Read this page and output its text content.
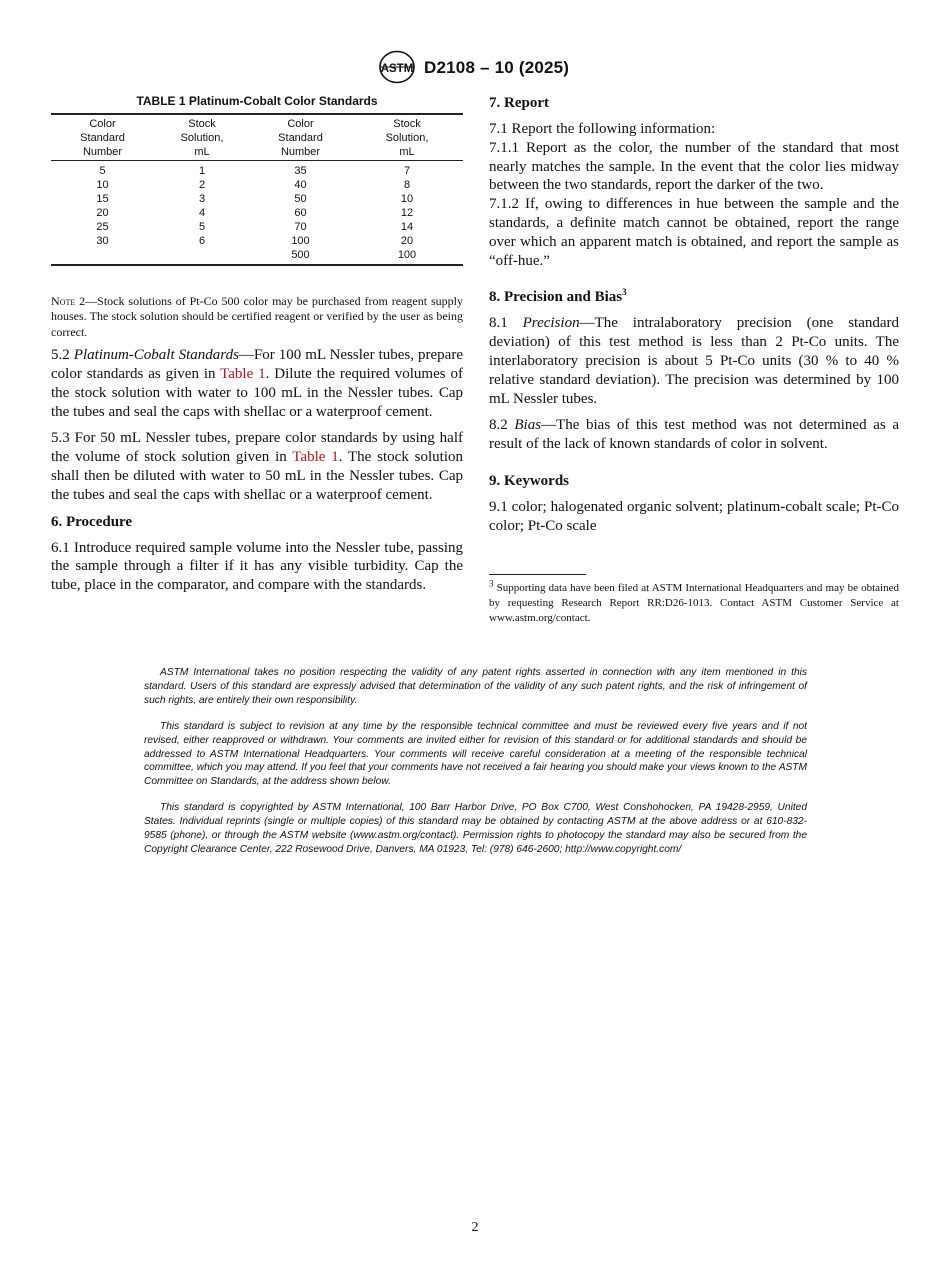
ASTM D2108 – 10 (2025)
TABLE 1 Platinum-Cobalt Color Standards
Color
Standard
Number	Stock
Solution,
mL	Color
Standard
Number	Stock
Solution,
mL
5	1	35	7
10	2	40	8
15	3	50	10
20	4	60	12
25	5	70	14
30	6	100	20
		500	100
Note 2—Stock solutions of Pt-Co 500 color may be purchased from reagent supply houses. The stock solution should be certified reagent or verified by the user as being correct.

5.2 Platinum-Cobalt Standards—For 100 mL Nessler tubes, prepare color standards as given in Table 1. Dilute the required volumes of the stock solution with water to 100 mL in the Nessler tubes. Cap the tubes and seal the caps with shellac or a waterproof cement.

5.3 For 50 mL Nessler tubes, prepare color standards by using half the volume of stock solution given in Table 1. The stock solution shall then be diluted with water to 50 mL in the Nessler tubes. Cap the tubes and seal the caps with shellac or a waterproof cement.

6. Procedure

6.1 Introduce required sample volume into the Nessler tube, passing the sample through a filter if it has any visible turbidity. Cap the tube, place in the comparator, and compare with the standards.

7. Report

7.1 Report the following information:

7.1.1 Report as the color, the number of the standard that most nearly matches the sample. In the event that the color lies midway between the two standards, report the darker of the two.

7.1.2 If, owing to differences in hue between the sample and the standards, a definite match cannot be obtained, report the range over which an apparent match is obtained, and report the sample as “off-hue.”

8. Precision and Bias$^3$

8.1 Precision—The intralaboratory precision (one standard deviation) of this test method is less than 2 Pt-Co units. The interlaboratory precision is about 5 Pt-Co units (30 % to 40 % relative standard deviation). The precision was determined by 100 mL Nessler tubes.

8.2 Bias—The bias of this test method was not determined as a result of the lack of known standards of color in solvent.

9. Keywords

9.1 color; halogenated organic solvent; platinum-cobalt scale; Pt-Co color; Pt-Co scale

$^3$ Supporting data have been filed at ASTM International Headquarters and may be obtained by requesting Research Report RR:D26-1013. Contact ASTM Customer Service at www.astm.org/contact.

ASTM International takes no position respecting the validity of any patent rights asserted in connection with any item mentioned in this standard. Users of this standard are expressly advised that determination of the validity of any such patent rights, and the risk of infringement of such rights, are entirely their own responsibility.

This standard is subject to revision at any time by the responsible technical committee and must be reviewed every five years and if not revised, either reapproved or withdrawn. Your comments are invited either for revision of this standard or for additional standards and should be addressed to ASTM International Headquarters. Your comments will receive careful consideration at a meeting of the responsible technical committee, which you may attend. If you feel that your comments have not received a fair hearing you should make your views known to the ASTM Committee on Standards, at the address shown below.

This standard is copyrighted by ASTM International, 100 Barr Harbor Drive, PO Box C700, West Conshohocken, PA 19428-2959, United States. Individual reprints (single or multiple copies) of this standard may be obtained by contacting ASTM at the above address or at 610-832-9585 (phone), or through the ASTM website (www.astm.org/contact). Permission rights to photocopy the standard may also be secured from the Copyright Clearance Center, 222 Rosewood Drive, Danvers, MA 01923, Tel: (978) 646-2600; http://www.copyright.com/

2
